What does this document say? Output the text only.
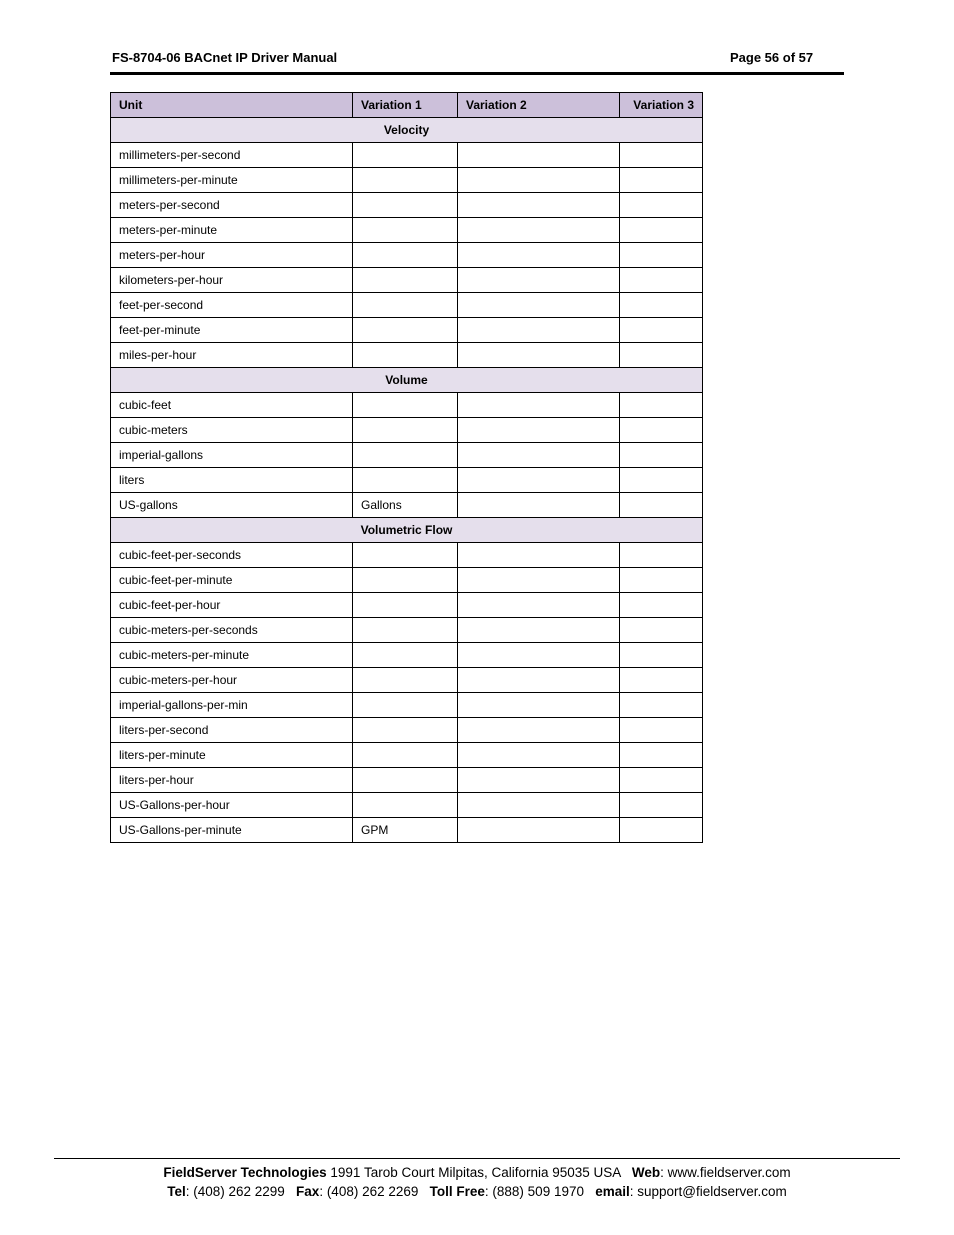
FS-8704-06 BACnet IP Driver Manual	Page 56 of 57
Unit	Variation 1	Variation 2	Variation 3
Velocity			
millimeters-per-second			
millimeters-per-minute			
meters-per-second			
meters-per-minute			
meters-per-hour			
kilometers-per-hour			
feet-per-second			
feet-per-minute			
miles-per-hour			
Volume			
cubic-feet			
cubic-meters			
imperial-gallons			
liters			
US-gallons	Gallons		
Volumetric Flow			
cubic-feet-per-seconds			
cubic-feet-per-minute			
cubic-feet-per-hour			
cubic-meters-per-seconds			
cubic-meters-per-minute			
cubic-meters-per-hour			
imperial-gallons-per-min			
liters-per-second			
liters-per-minute			
liters-per-hour			
US-Gallons-per-hour			
US-Gallons-per-minute	GPM		
FieldServer Technologies 1991 Tarob Court Milpitas, California 95035 USA   Web: www.fieldserver.com
Tel: (408) 262 2299   Fax: (408) 262 2269   Toll Free: (888) 509 1970   email: support@fieldserver.com
